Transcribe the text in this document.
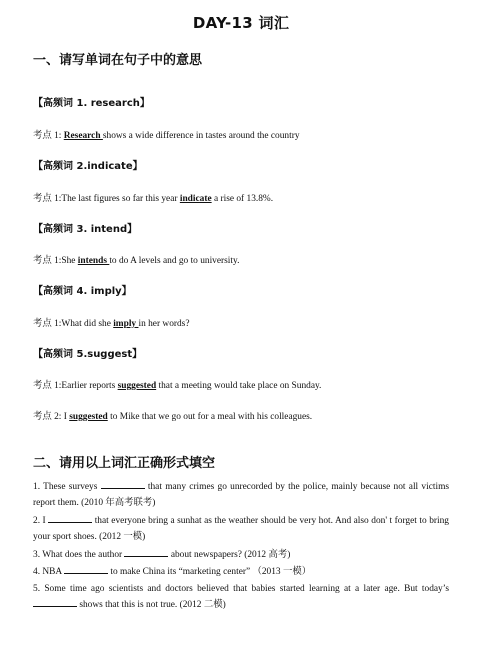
DAY-13 词汇
一、请写单词在句子中的意思
【高频词 1. research】
考点 1: Research shows a wide difference in tastes around the country
【高频词 2.indicate】
考点 1:The last figures so far this year indicate a rise of 13.8%.
【高频词 3. intend】
考点 1:She intends to do A levels and go to university.
【高频词 4. imply】
考点 1:What did she imply in her words?
【高频词 5.suggest】
考点 1:Earlier reports suggested that a meeting would take place on Sunday.
考点 2: I suggested to Mike that we go out for a meal with his colleagues.
二、请用以上词汇正确形式填空
1. These surveys	that many crimes go unrecorded by the police, mainly because not all victims report them. (2010 年高考联考)
2. I	that everyone bring a sunhat as the weather should be very hot. And also don' t forget to bring your sport shoes. (2012 一模)
3. What does the author	about newspapers? (2012 高考)
4. NBA	to make China its “marketing center” （2013 一模）
5. Some time ago scientists and doctors believed that babies started learning at a later age. But today’s  shows that this is not true. (2012 二模)
